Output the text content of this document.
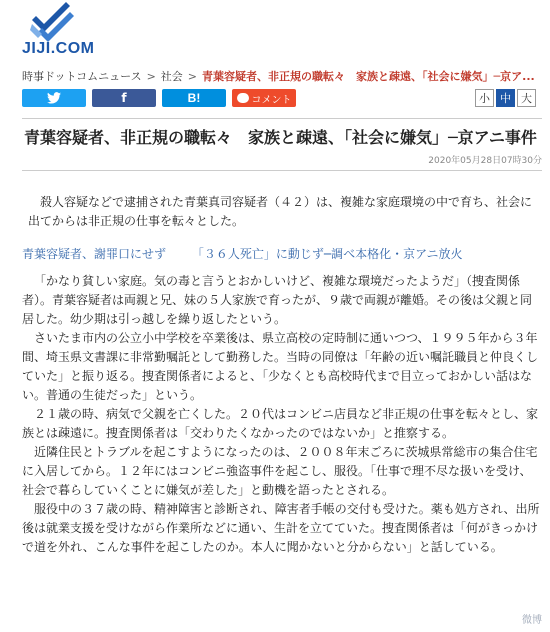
JIJI.COM
時事ドットコムニュース > 社会 > 青葉容疑者、非正規の職転々　家族と疎遠、「社会に嫌気」─京ア...
f	B!	コメント	小 中 大
青葉容疑者、非正規の職転々　家族と疎遠、「社会に嫌気」─京アニ事件
2020年05月28日07時30分

殺人容疑などで逮捕された青葉真司容疑者（４２）は、複雑な家庭環境の中で育ち、社会に出てからは非正規の仕事を転々とした。

青葉容疑者、謝罪口にせず 「３６人死亡」に動じず─調べ本格化・京アニ放火

「かなり貧しい家庭。気の毒と言うとおかしいけど、複雑な環境だったようだ」（捜査関係者）。青葉容疑者は両親と兄、妹の５人家族で育ったが、９歳で両親が離婚。その後は父親と同居した。幼少期は引っ越しを繰り返したという。

さいたま市内の公立小中学校を卒業後は、県立高校の定時制に通いつつ、１９９５年から３年間、埼玉県文書課に非常勤嘱託として勤務した。当時の同僚は「年齢の近い嘱託職員と仲良くしていた」と振り返る。捜査関係者によると、「少なくとも高校時代まで目立っておかしい話はない。普通の生徒だった」という。

２１歳の時、病気で父親を亡くした。２０代はコンビニ店員など非正規の仕事を転々とし、家族とは疎遠に。捜査関係者は「交わりたくなかったのではないか」と推察する。

近隣住民とトラブルを起こすようになったのは、２００８年末ごろに茨城県常総市の集合住宅に入居してから。１２年にはコンビニ強盗事件を起こし、服役。「仕事で理不尽な扱いを受け、社会で暮らしていくことに嫌気が差した」と動機を語ったとされる。

服役中の３７歳の時、精神障害と診断され、障害者手帳の交付も受けた。薬も処方され、出所後は就業支援を受けながら作業所などに通い、生計を立てていた。捜査関係者は「何がきっかけで道を外れ、こんな事件を起こしたのか。本人に聞かないと分からない」と話している。

微博
